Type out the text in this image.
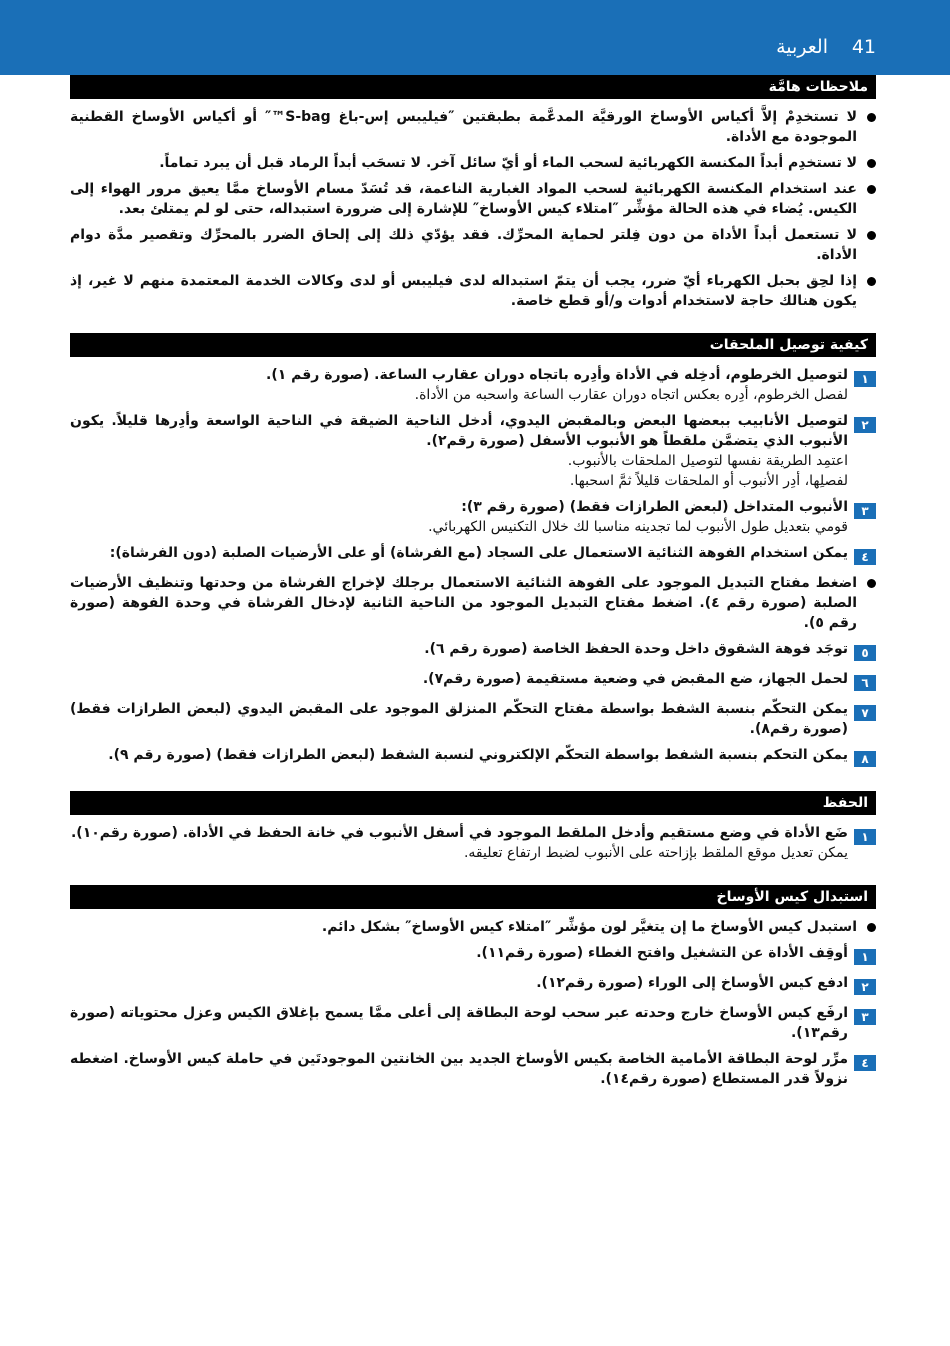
العربية 41
ملاحظات هامَّة
لا تستخدِمْ إلاَّ أكياس الأوساخ الورقيَّة المدعَّمة بطبقتين ″فيليبس إس-باغ S-bag™″ أو أكياس الأوساخ القطنية الموجودة مع الأداة.
لا تستخدِم أبداً المكنسة الكهربائية لسحب الماء أو أيّ سائل آخر. لا تسحَب أبداً الرماد قبل أن يبرد تماماً.
عند استخدام المكنسة الكهربائية لسحب المواد الغبارية الناعمة، قد تُسَدّ مسام الأوساخ ممَّا يعيق مرور الهواء إلى الكيس. يُضاء في هذه الحالة مؤشِّر ″امتلاء كيس الأوساخ″ للإشارة إلى ضرورة استبداله، حتى لو لم يمتلئ بعد.
لا تستعمل أبداً الأداة من دون فِلتر لحماية المحرِّك. فقد يؤدّي ذلك إلى إلحاق الضرر بالمحرِّك وتقصير مدَّة دوام الأداة.
إذا لحِق بحبل الكهرباء أيّ ضرر، يجب أن يتمّ استبداله لدى فيليبس أو لدى وكالات الخدمة المعتمدة منهم لا غير، إذ يكون هنالك حاجة لاستخدام أدوات و/أو قطع خاصة.
كيفية توصيل الملحقات
١
لتوصيل الخرطوم، أدخِله في الأداة وأدِره باتجاه دوران عقارب الساعة. (صورة رقم ١).
لفصل الخرطوم، أدِره بعكس اتجاه دوران عقارب الساعة واسحبه من الأداة.
٢
لتوصيل الأنابيب ببعضها البعض وبالمقبض اليدوي، أدخل الناحية الضيقة في الناحية الواسعة وأدِرها قليلاً. يكون الأنبوب الذي يتضمَّن ملقطاً هو الأنبوب الأسفل (صورة رقم٢).
اعتمِد الطريقة نفسها لتوصيل الملحقات بالأنبوب.
لفصلِها، أدِر الأنبوب أو الملحقات قليلاً ثمَّ اسحبها.
٣
الأنبوب المتداخل (لبعض الطرازات فقط) (صورة رقم ٣):
قومي بتعديل طول الأنبوب لما تجدينه مناسبا لك خلال التكنيس الكهربائي.
٤
يمكن استخدام الفوهة الثنائية الاستعمال على السجاد (مع الفرشاة) أو على الأرضيات الصلبة (دون الفرشاة):
اضغط مفتاح التبديل الموجود على الفوهة الثنائية الاستعمال برجلك لإخراج الفرشاة من وحدتها وتنظيف الأرضيات الصلبة (صورة رقم ٤). اضغط مفتاح التبديل الموجود من الناحية الثانية لإدخال الفرشاة في وحدة الفوهة (صورة رقم ٥).
٥
توجَد فوهة الشقوق داخل وحدة الحفظ الخاصة (صورة رقم ٦).
٦
لحمل الجهاز، ضع المقبض في وضعية مستقيمة (صورة رقم٧).
٧
يمكن التحكّم بنسبة الشفط بواسطة مفتاح التحكّم المنزلق الموجود على المقبض اليدوي (لبعض الطرازات فقط) (صورة رقم٨).
٨
يمكن التحكم بنسبة الشفط بواسطة التحكّم الإلكتروني لنسبة الشفط (لبعض الطرازات فقط) (صورة رقم ٩).
الحفظ
١
ضَع الأداة في وضع مستقيم وأدخل الملقط الموجود في أسفل الأنبوب في خانة الحفظ في الأداة. (صورة رقم١٠).
يمكن تعديل موقع الملقط بإزاحته على الأنبوب لضبط ارتفاع تعليقه.
استبدال كيس الأوساخ
استبدل كيس الأوساخ ما إن يتغيَّر لون مؤشِّر ″امتلاء كيس الأوساخ″ بشكل دائم.
١
أوقِف الأداة عن التشغيل وافتح الغطاء (صورة رقم١١).
٢
ادفع كيس الأوساخ إلى الوراء (صورة رقم١٢).
٣
ارفَع كيس الأوساخ خارج وحدته عبر سحب لوحة البطاقة إلى أعلى ممَّا يسمح بإغلاق الكيس وعزل محتوياته (صورة رقم١٣).
٤
مرِّر لوحة البطاقة الأمامية الخاصة بكيس الأوساخ الجديد بين الخانتين الموجودتَين في حاملة كيس الأوساخ. اضغطه نزولاً قدر المستطاع (صورة رقم١٤).
